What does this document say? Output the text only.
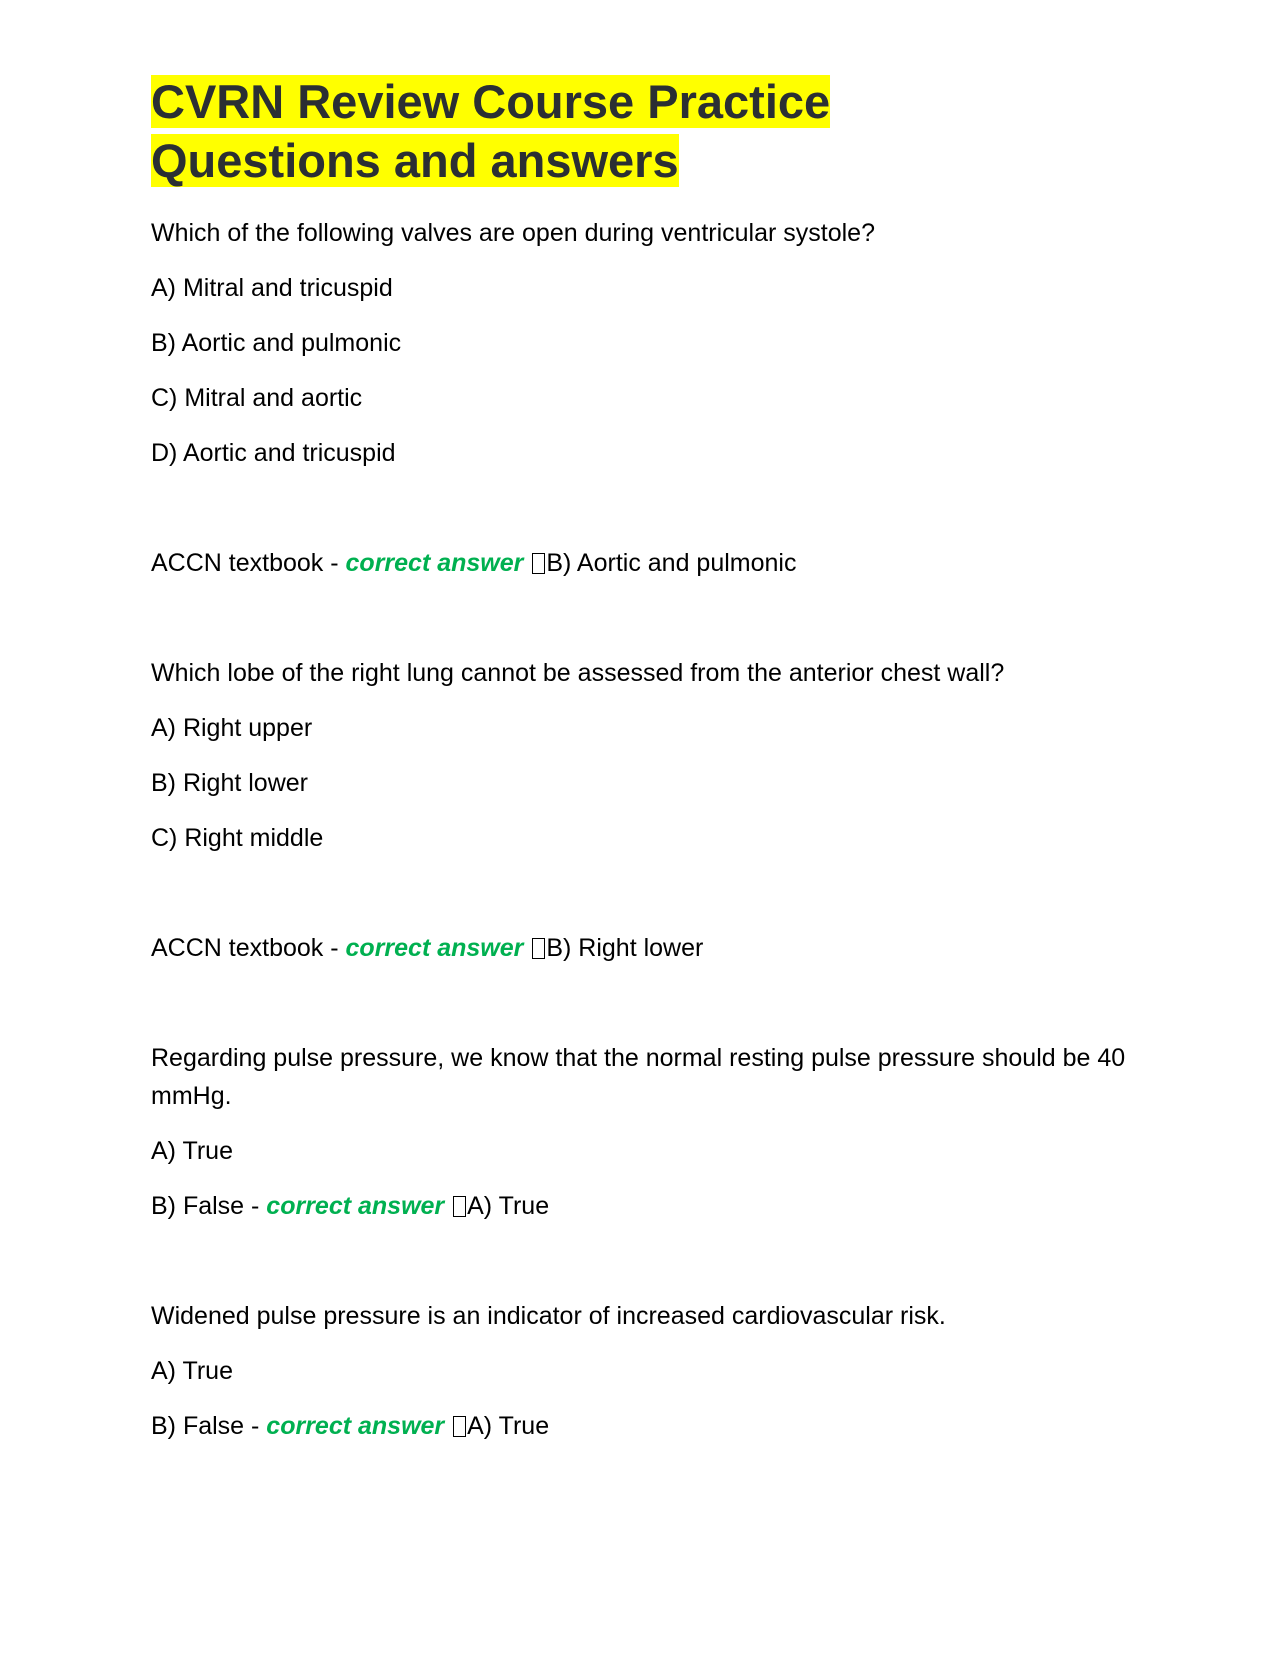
CVRN Review Course Practice
Questions and answers
Which of the following valves are open during ventricular systole?
A) Mitral and tricuspid
B) Aortic and pulmonic
C) Mitral and aortic
D) Aortic and tricuspid
ACCN textbook - correct answer B) Aortic and pulmonic
Which lobe of the right lung cannot be assessed from the anterior chest wall?
A) Right upper
B) Right lower
C) Right middle
ACCN textbook - correct answer B) Right lower
Regarding pulse pressure, we know that the normal resting pulse pressure should be 40 mmHg.
A) True
B) False - correct answer A) True
Widened pulse pressure is an indicator of increased cardiovascular risk.
A) True
B) False - correct answer A) True
